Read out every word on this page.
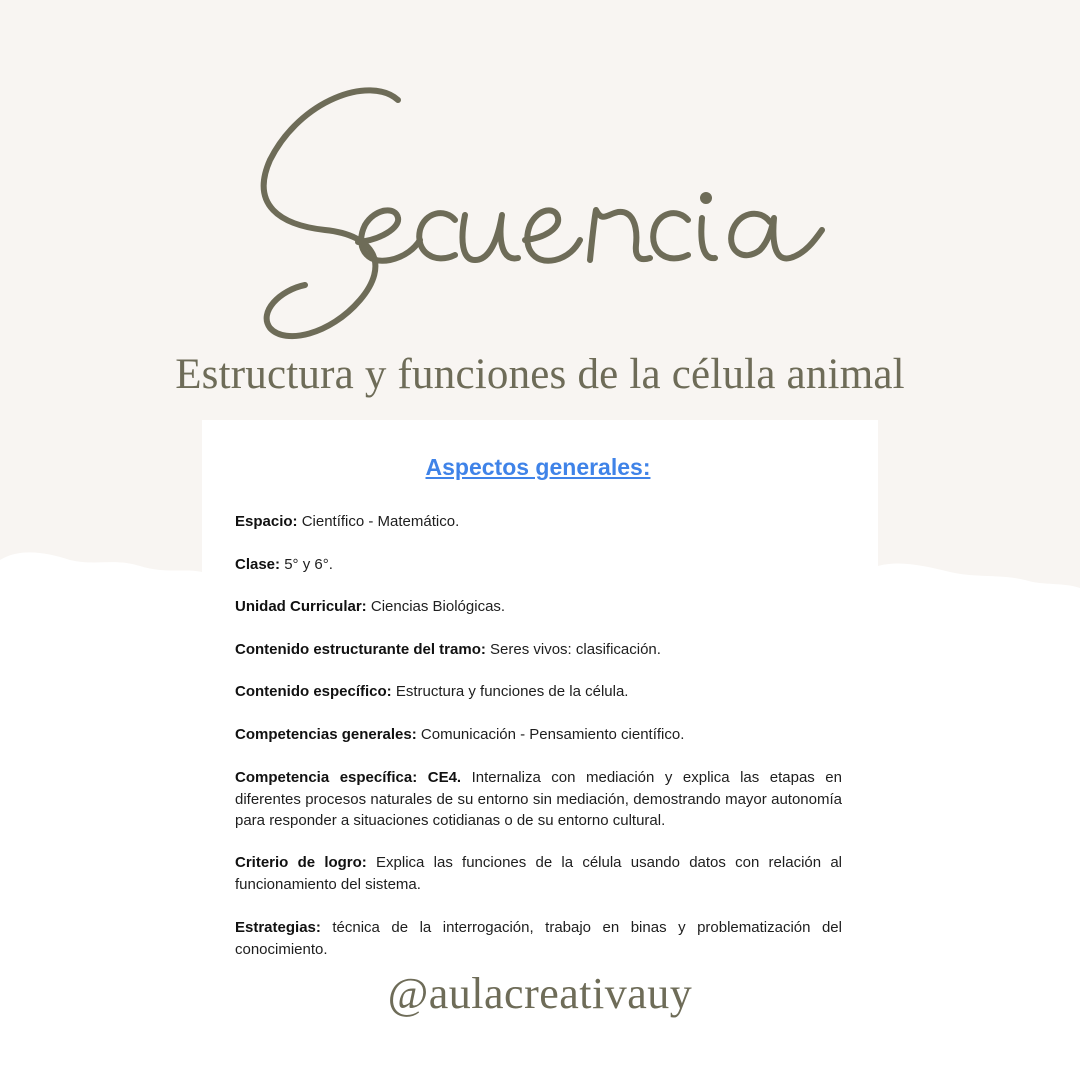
Estructura y funciones de la célula animal
Aspectos generales:
Espacio: Científico - Matemático.
Clase: 5° y 6°.
Unidad Curricular: Ciencias Biológicas.
Contenido estructurante del tramo: Seres vivos: clasificación.
Contenido específico: Estructura y funciones de la célula.
Competencias generales: Comunicación - Pensamiento científico.
Competencia específica: CE4. Internaliza con mediación y explica las etapas en diferentes procesos naturales de su entorno sin mediación, demostrando mayor autonomía para responder a situaciones cotidianas o de su entorno cultural.
Criterio de logro: Explica las funciones de la célula usando datos con relación al funcionamiento del sistema.
Estrategias: técnica de la interrogación, trabajo en binas y problematización del conocimiento.
@aulacreativauy
